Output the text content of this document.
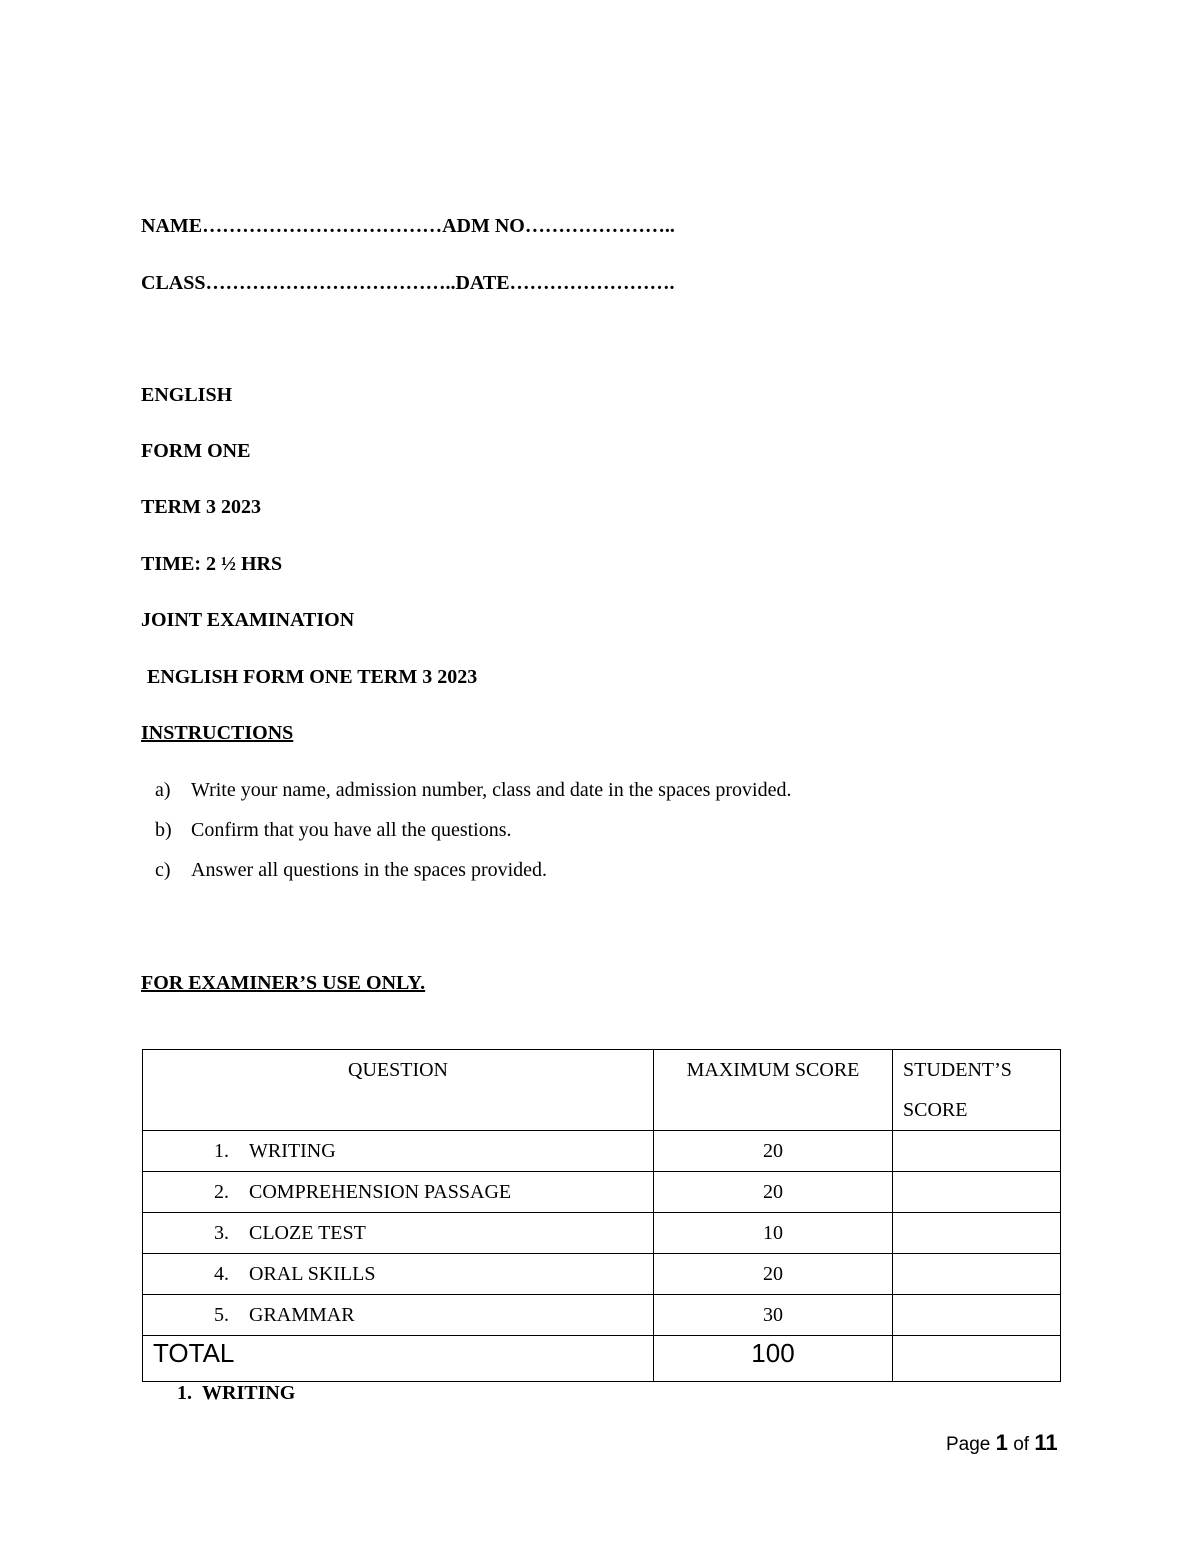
NAME………………………………ADM NO…………………..
CLASS………………………………..DATE…………………….
ENGLISH
FORM ONE
TERM 3 2023
TIME: 2 ½ HRS
JOINT EXAMINATION
ENGLISH FORM ONE TERM 3 2023
INSTRUCTIONS
a) Write your name, admission number, class and date in the spaces provided.
b) Confirm that you have all the questions.
c) Answer all questions in the spaces provided.
FOR EXAMINER’S USE ONLY.
QUESTION	MAXIMUM SCORE	STUDENT’S SCORE
1. WRITING	20	
2. COMPREHENSION PASSAGE	20	
3. CLOZE TEST	10	
4. ORAL SKILLS	20	
5. GRAMMAR	30	
TOTAL	100	
1. WRITING
Page 1 of 11
